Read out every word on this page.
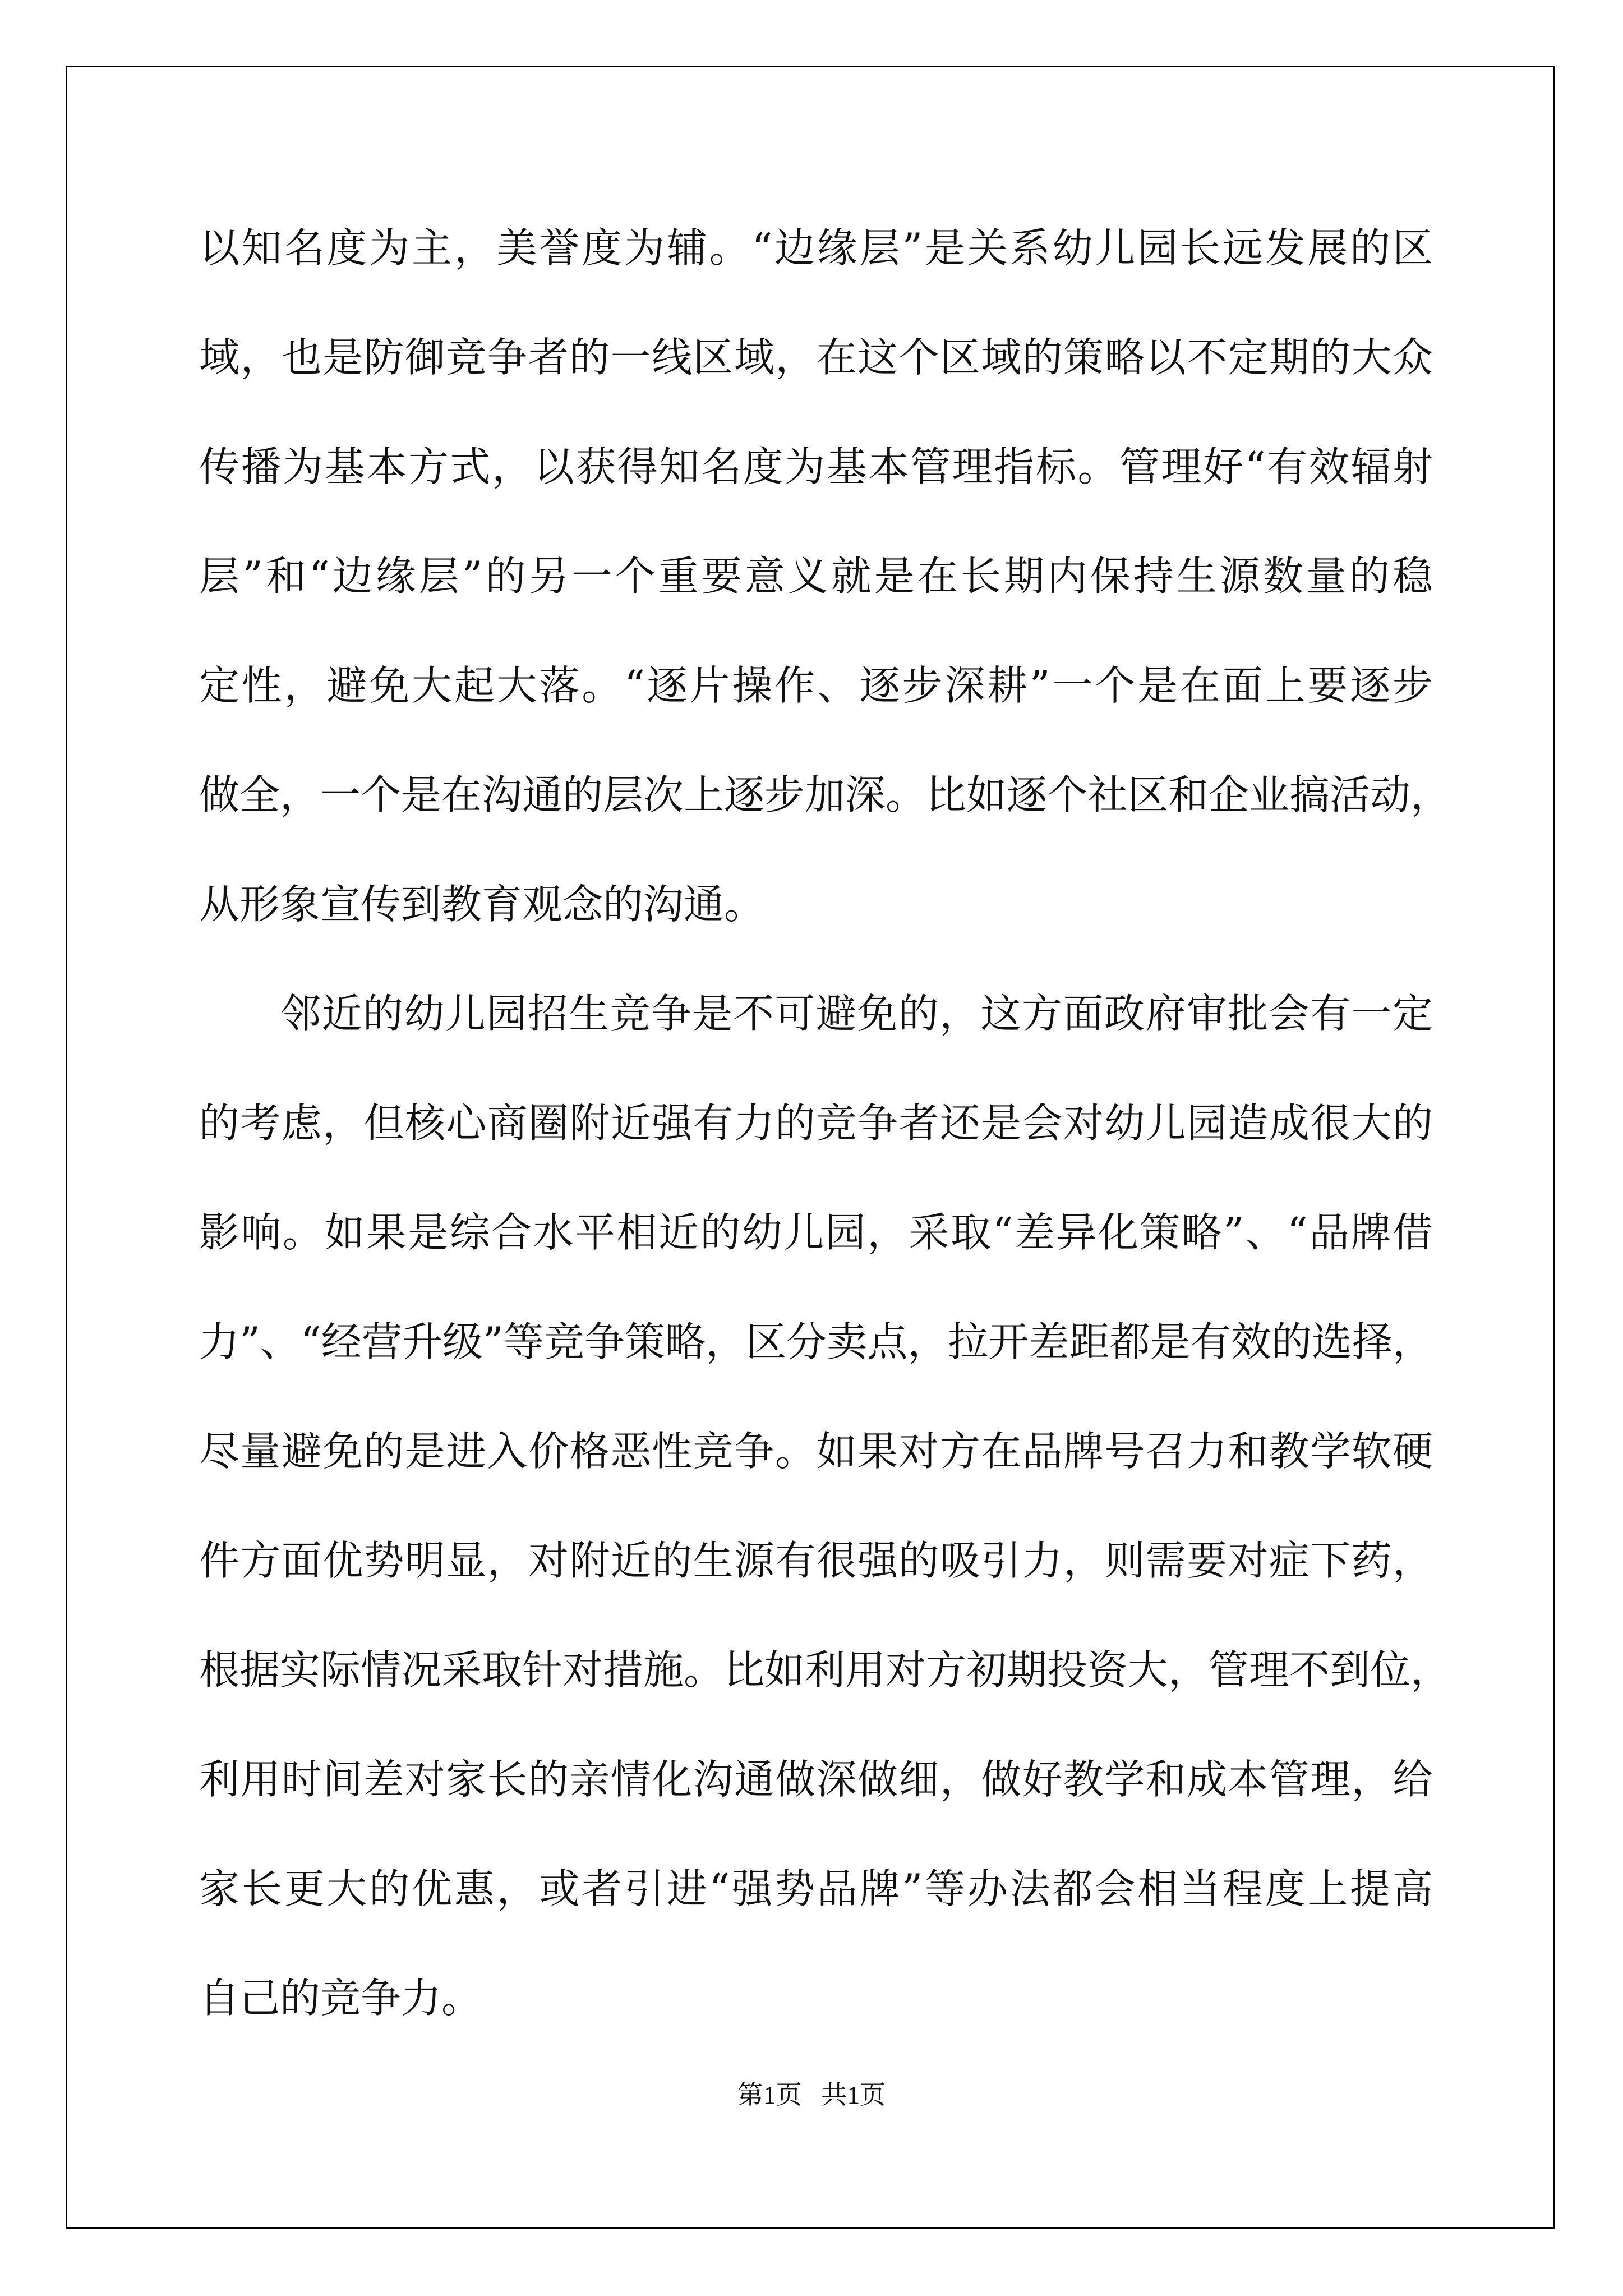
以知名度为主，美誉度为辅。“边缘层”是关系幼儿园长远发展的区
域，也是防御竞争者的一线区域，在这个区域的策略以不定期的大众
传播为基本方式，以获得知名度为基本管理指标。管理好“有效辐射
层”和“边缘层”的另一个重要意义就是在长期内保持生源数量的稳
定性，避免大起大落。“逐片操作、逐步深耕”一个是在面上要逐步
做全，一个是在沟通的层次上逐步加深。比如逐个社区和企业搞活动，
从形象宣传到教育观念的沟通。
邻近的幼儿园招生竞争是不可避免的，这方面政府审批会有一定
的考虑，但核心商圈附近强有力的竞争者还是会对幼儿园造成很大的
影响。如果是综合水平相近的幼儿园，采取“差异化策略”、“品牌借
力”、“经营升级”等竞争策略，区分卖点，拉开差距都是有效的选择，
尽量避免的是进入价格恶性竞争。如果对方在品牌号召力和教学软硬
件方面优势明显，对附近的生源有很强的吸引力，则需要对症下药，
根据实际情况采取针对措施。比如利用对方初期投资大，管理不到位，
利用时间差对家长的亲情化沟通做深做细，做好教学和成本管理，给
家长更大的优惠，或者引进“强势品牌”等办法都会相当程度上提高
自己的竞争力。
第1页   共1页
